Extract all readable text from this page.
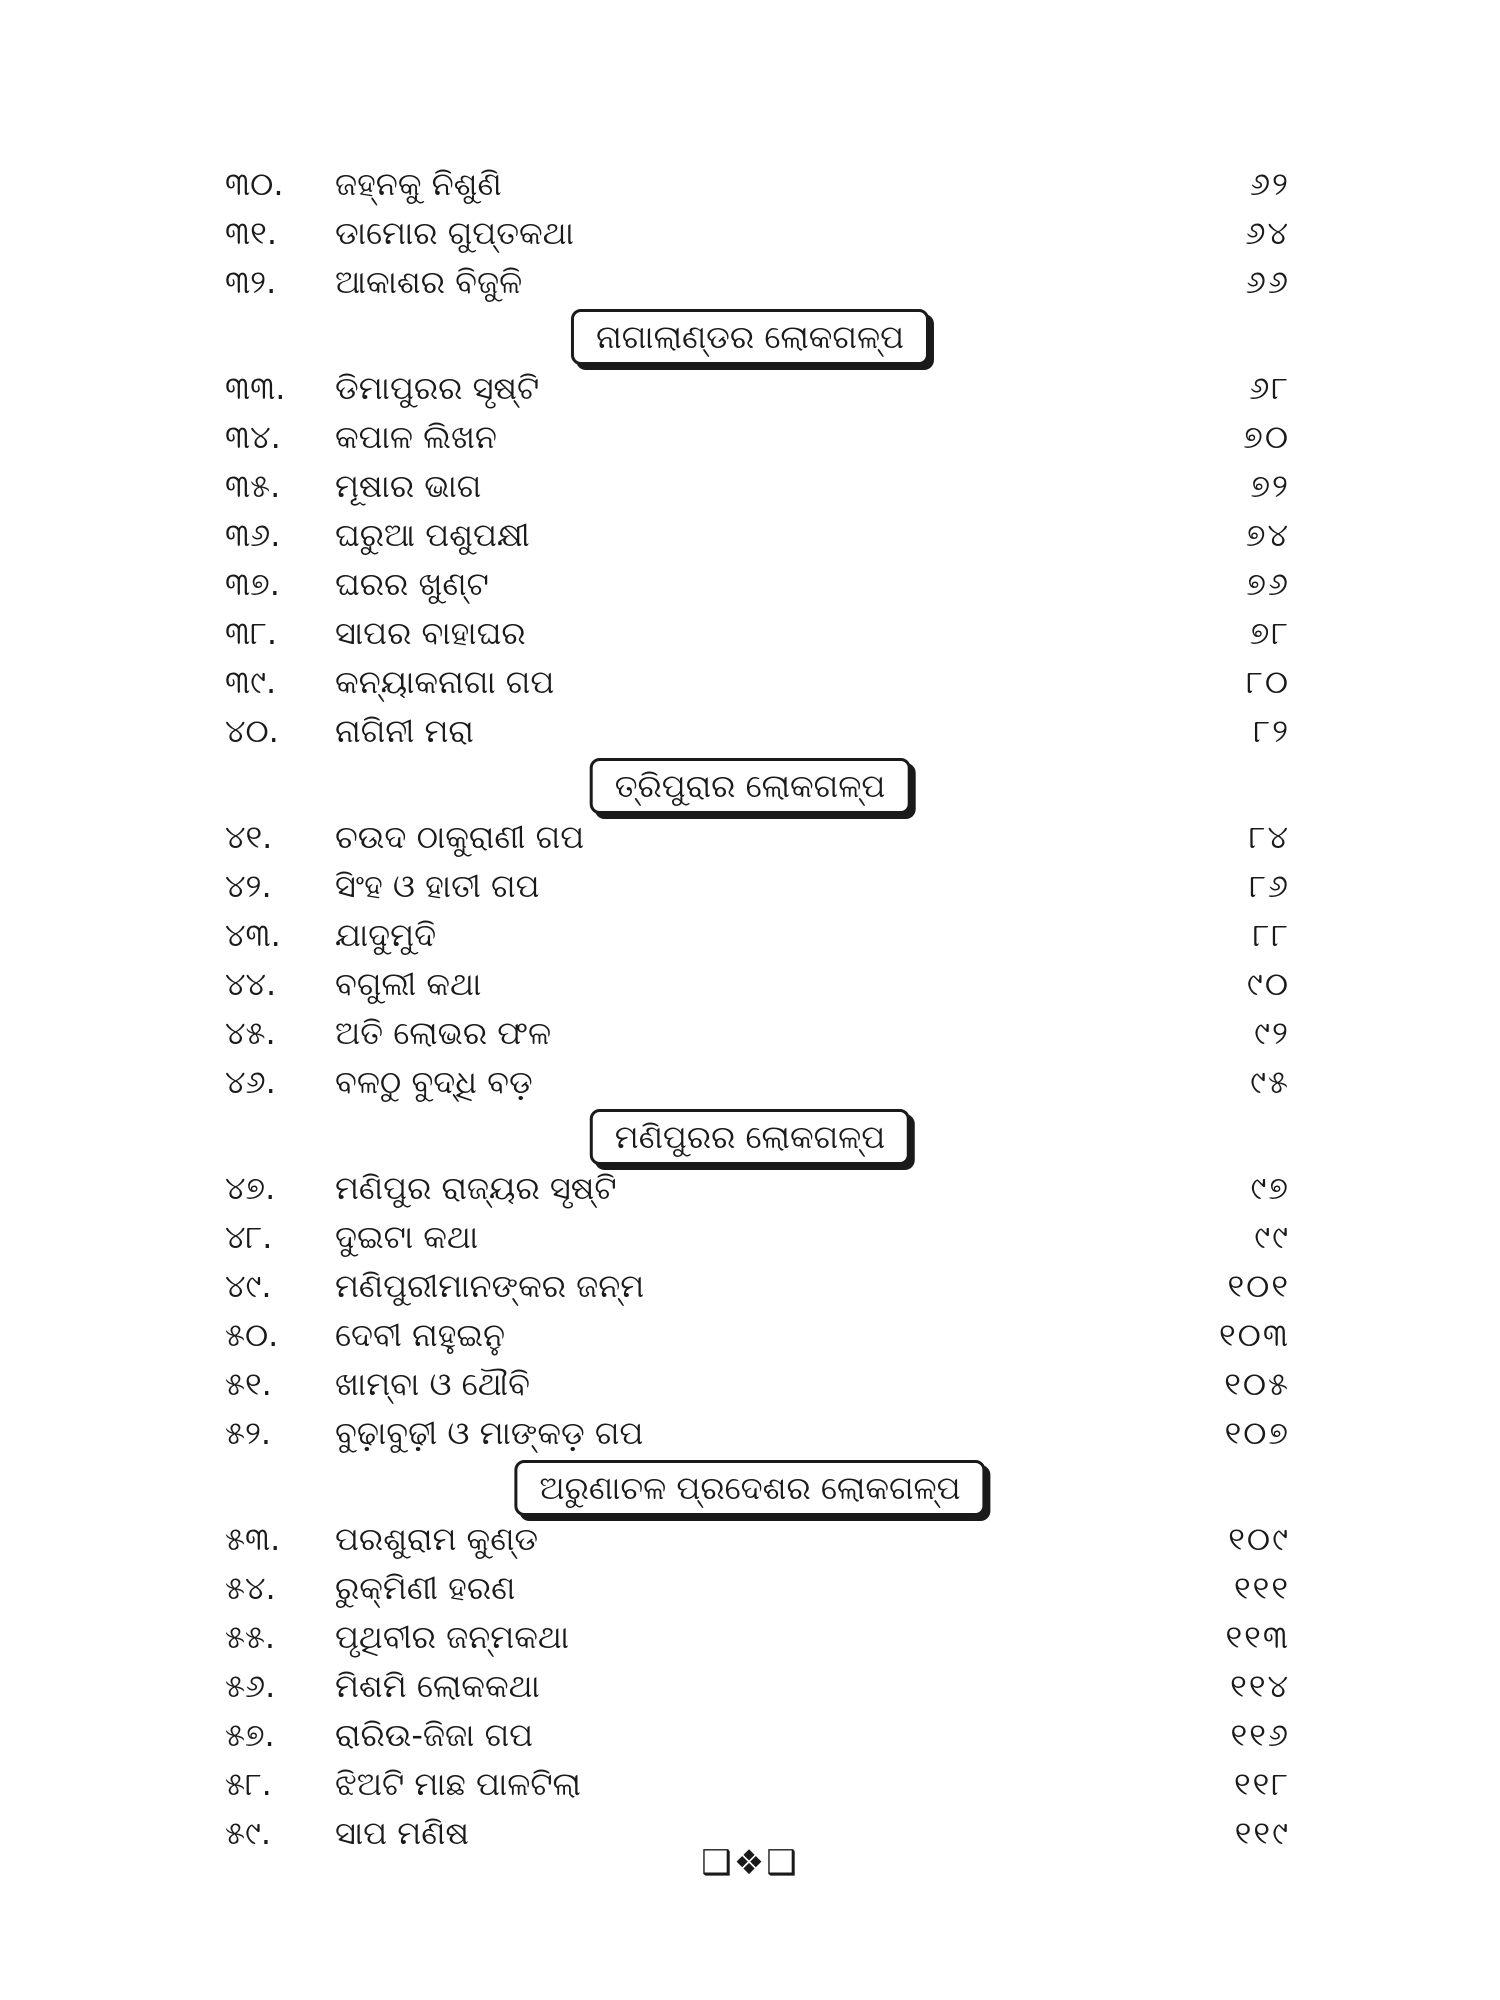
୩୦.	ଜହ୍ନକୁ ନିଶୁଣି	୬୨
୩୧.	ଡାମୋର ଗୁପ୍ତକଥା	୬୪
୩୨.	ଆକାଶର ବିଜୁଳି	୬୬
ନାଗାଲାଣ୍ଡର ଲୋକଗଳ୍ପ
୩୩.	ଡିମାପୁରର ସୃଷ୍ଟି	୬୮
୩୪.	କପାଳ ଲିଖନ	୭୦
୩୫.	ମୂଷାର ଭାଗ	୭୨
୩୬.	ଘରୁଆ ପଶୁପକ୍ଷୀ	୭୪
୩୭.	ଘରର ଖୁଣ୍ଟ	୭୬
୩୮.	ସାପର ବାହାଘର	୭୮
୩୯.	କନ୍ୟାକନାଗା ଗପ	୮୦
୪୦.	ନାଗିନୀ ମରା	୮୨
ତ୍ରିପୁରାର ଲୋକଗଳ୍ପ
୪୧.	ଚଉଦ ଠାକୁରାଣୀ ଗପ	୮୪
୪୨.	ସିଂହ ଓ ହାତୀ ଗପ	୮୬
୪୩.	ଯାଦୁମୁଦି	୮୮
୪୪.	ବଗୁଲୀ କଥା	୯୦
୪୫.	ଅତି ଲୋଭର ଫଳ	୯୨
୪୬.	ବଳଠୁ ବୁଦ୍ଧି ବଡ଼	୯୫
ମଣିପୁରର ଲୋକଗଳ୍ପ
୪୭.	ମଣିପୁର ରାଜ୍ୟର ସୃଷ୍ଟି	୯୭
୪୮.	ଦୁଇଟା କଥା	୯୯
୪୯.	ମଣିପୁରୀମାନଙ୍କର ଜନ୍ମ	୧୦୧
୫୦.	ଦେବୀ ନାହୁଇନୁ	୧୦୩
୫୧.	ଖାମ୍ବା ଓ ଥୌବି	୧୦୫
୫୨.	ବୁଢ଼ାବୁଢ଼ୀ ଓ ମାଙ୍କଡ଼ ଗପ	୧୦୭
ଅରୁଣାଚଳ ପ୍ରଦେଶର ଲୋକଗଳ୍ପ
୫୩.	ପରଶୁରାମ କୁଣ୍ଡ	୧୦୯
୫୪.	ରୁକ୍ମିଣୀ ହରଣ	୧୧୧
୫୫.	ପୃଥିବୀର ଜନ୍ମକଥା	୧୧୩
୫୬.	ମିଶମି ଲୋକକଥା	୧୧୪
୫୭.	ରାରିଉ-ଜିଜା ଗପ	୧୧୬
୫୮.	ଝିଅଟି ମାଛ ପାଳଟିଲା	୧୧୮
୫୯.	ସାପ ମଣିଷ	୧୧୯
❑❖❑
